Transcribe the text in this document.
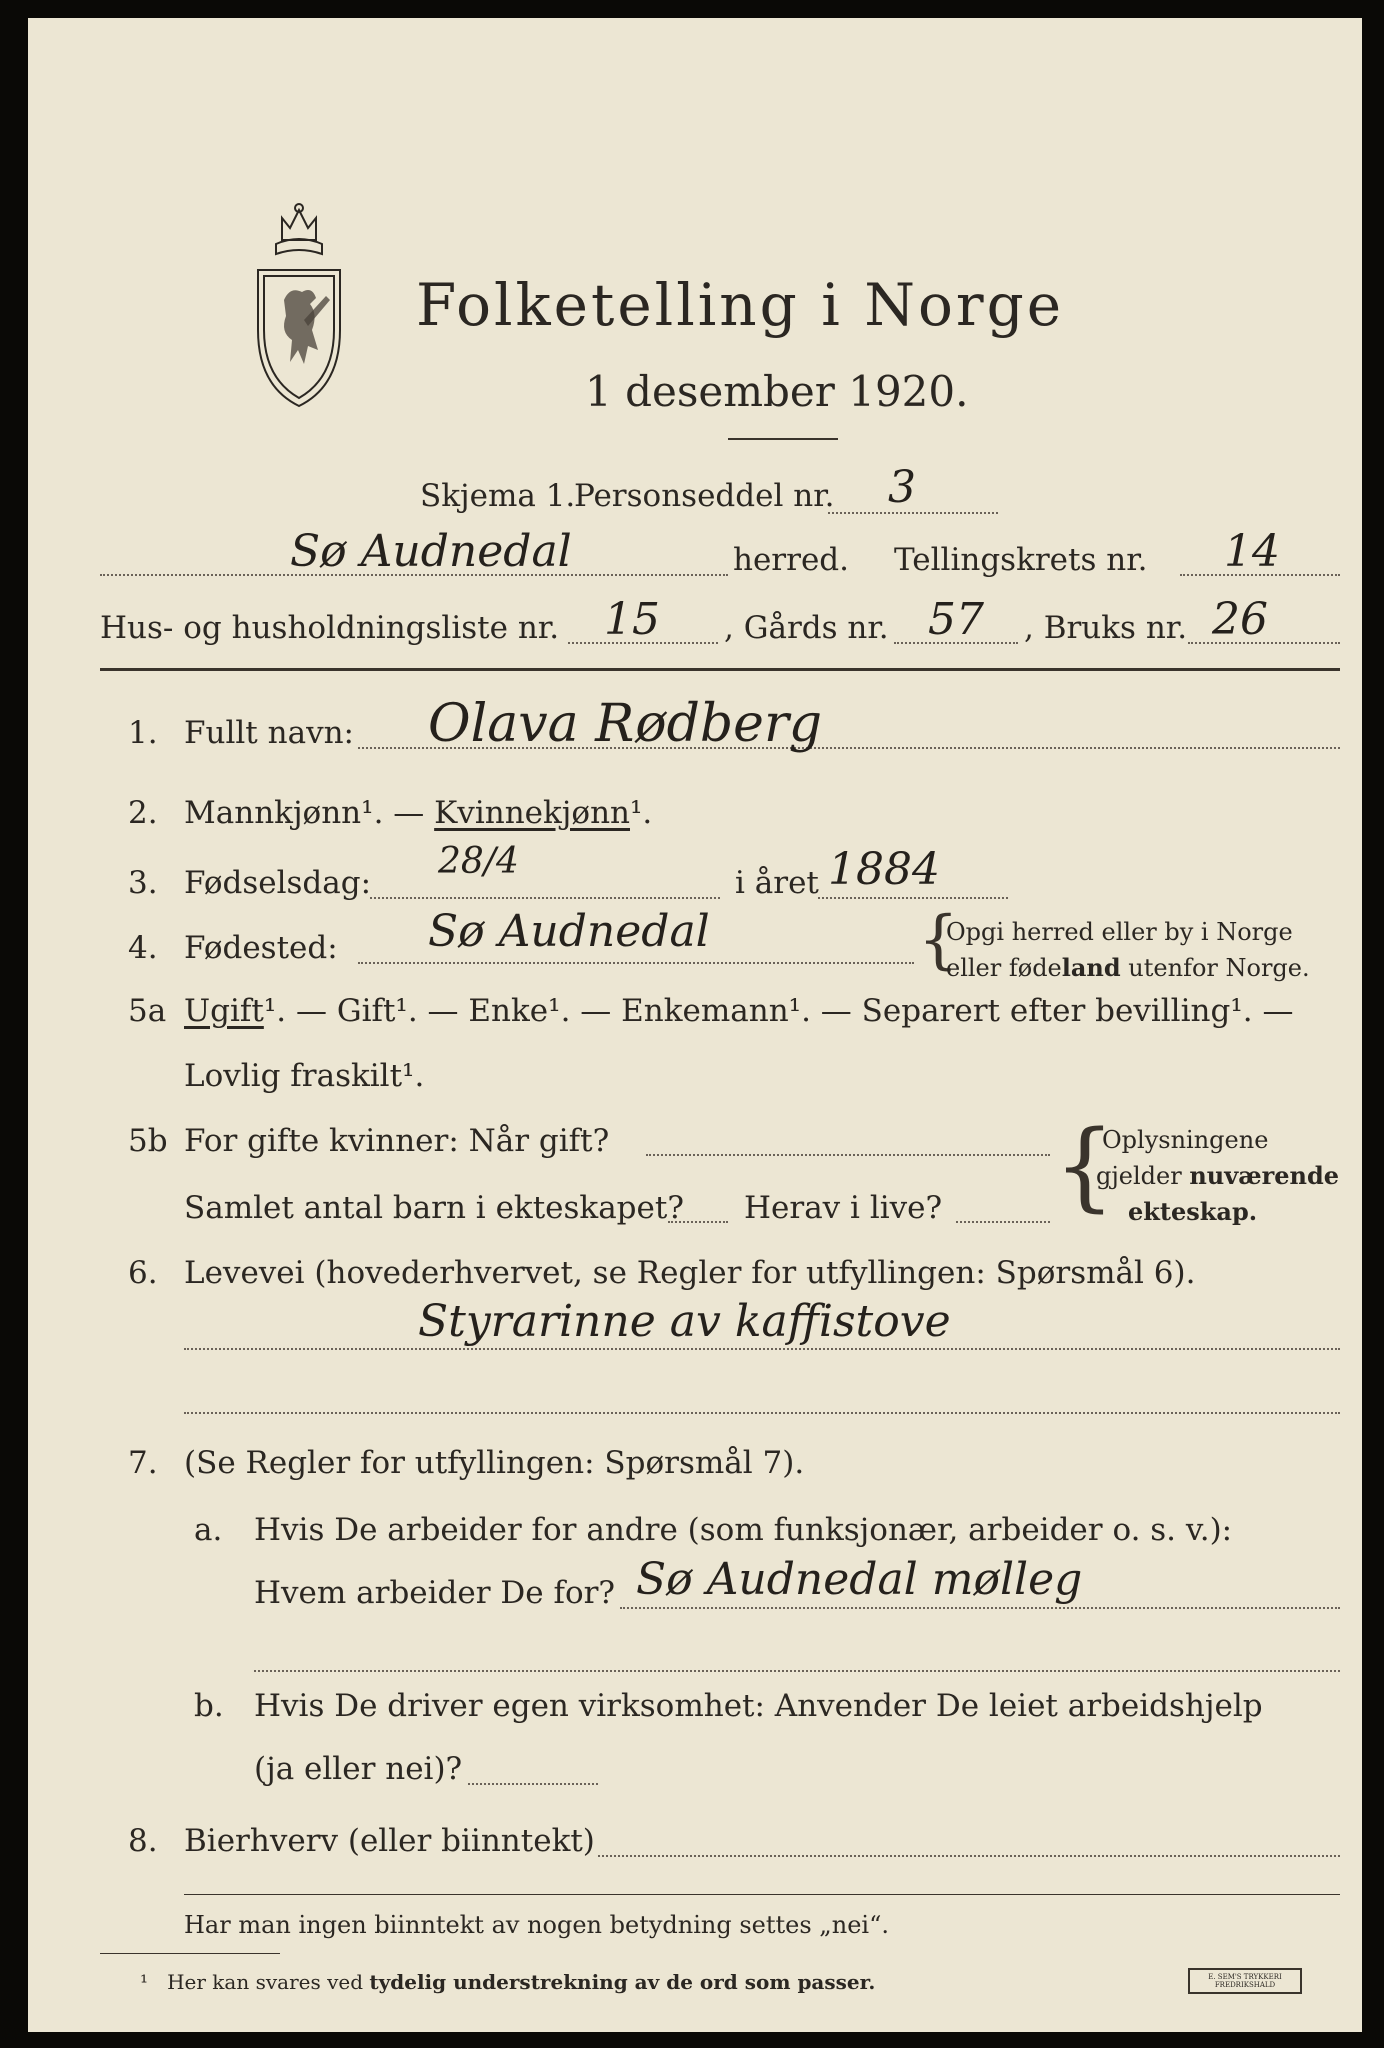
Folketelling i Norge
1 desember 1920.
Skjema 1.
Personseddel nr. 3
Sø Audnedal	herred. Tellingskrets nr. 14
Hus- og husholdningsliste nr. 15 , Gårds nr. 57 , Bruks nr. 26
1. Fullt navn: Olava Rødberg
2. Mannkjønn¹. — Kvinnekjønn¹.
3. Fødselsdag:
28/4
i året 1884
4. Fødested: Sø Audnedal	{
Opgi herred eller by i Norge
eller fødeland utenfor Norge.
5a Ugift¹. — Gift¹. — Enke¹. — Enkemann¹. — Separert efter bevilling¹. —
Lovlig fraskilt¹.
5b For gifte kvinner: Når gift?
Samlet antal barn i ekteskapet? Herav i live? {
Oplysningene
gjelder nuværende
ekteskap.
6. Levevei (hovederhvervet, se Regler for utfyllingen: Spørsmål 6).
Styrarinne av kaffistove
7. (Se Regler for utfyllingen: Spørsmål 7).
a. Hvis De arbeider for andre (som funksjonær, arbeider o. s. v.):
Hvem arbeider De for? Sø Audnedal mølleg
b. Hvis De driver egen virksomhet: Anvender De leiet arbeidshjelp
(ja eller nei)?
8. Bierhverv (eller biinntekt)
Har man ingen biinntekt av nogen betydning settes „nei“.
¹ Her kan svares ved tydelig understrekning av de ord som passer.	E. SEM'S TRYKKERI FREDRIKSHALD
